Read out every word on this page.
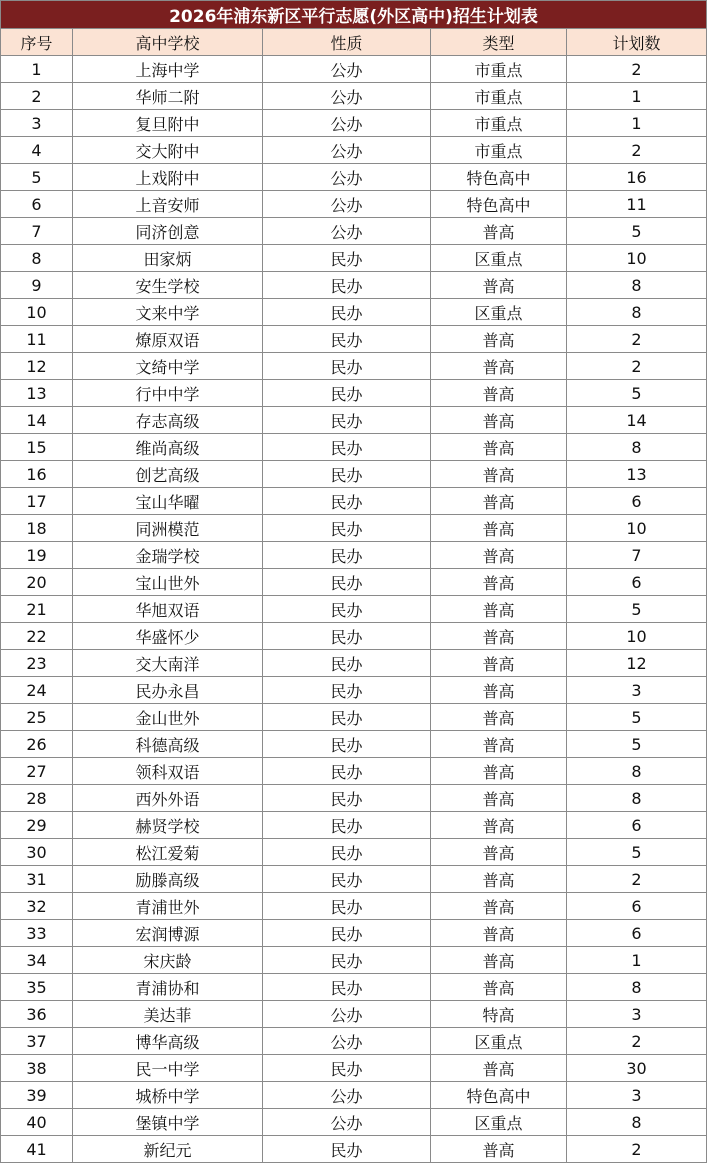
2026年浦东新区平行志愿(外区高中)招生计划表				
序号	高中学校	性质	类型	计划数
1	上海中学	公办	市重点	2
2	华师二附	公办	市重点	1
3	复旦附中	公办	市重点	1
4	交大附中	公办	市重点	2
5	上戏附中	公办	特色高中	16
6	上音安师	公办	特色高中	11
7	同济创意	公办	普高	5
8	田家炳	民办	区重点	10
9	安生学校	民办	普高	8
10	文来中学	民办	区重点	8
11	燎原双语	民办	普高	2
12	文绮中学	民办	普高	2
13	行中中学	民办	普高	5
14	存志高级	民办	普高	14
15	维尚高级	民办	普高	8
16	创艺高级	民办	普高	13
17	宝山华曜	民办	普高	6
18	同洲模范	民办	普高	10
19	金瑞学校	民办	普高	7
20	宝山世外	民办	普高	6
21	华旭双语	民办	普高	5
22	华盛怀少	民办	普高	10
23	交大南洋	民办	普高	12
24	民办永昌	民办	普高	3
25	金山世外	民办	普高	5
26	科德高级	民办	普高	5
27	领科双语	民办	普高	8
28	西外外语	民办	普高	8
29	赫贤学校	民办	普高	6
30	松江爱菊	民办	普高	5
31	励滕高级	民办	普高	2
32	青浦世外	民办	普高	6
33	宏润博源	民办	普高	6
34	宋庆龄	民办	普高	1
35	青浦协和	民办	普高	8
36	美达菲	公办	特高	3
37	博华高级	公办	区重点	2
38	民一中学	民办	普高	30
39	城桥中学	公办	特色高中	3
40	堡镇中学	公办	区重点	8
41	新纪元	民办	普高	2
